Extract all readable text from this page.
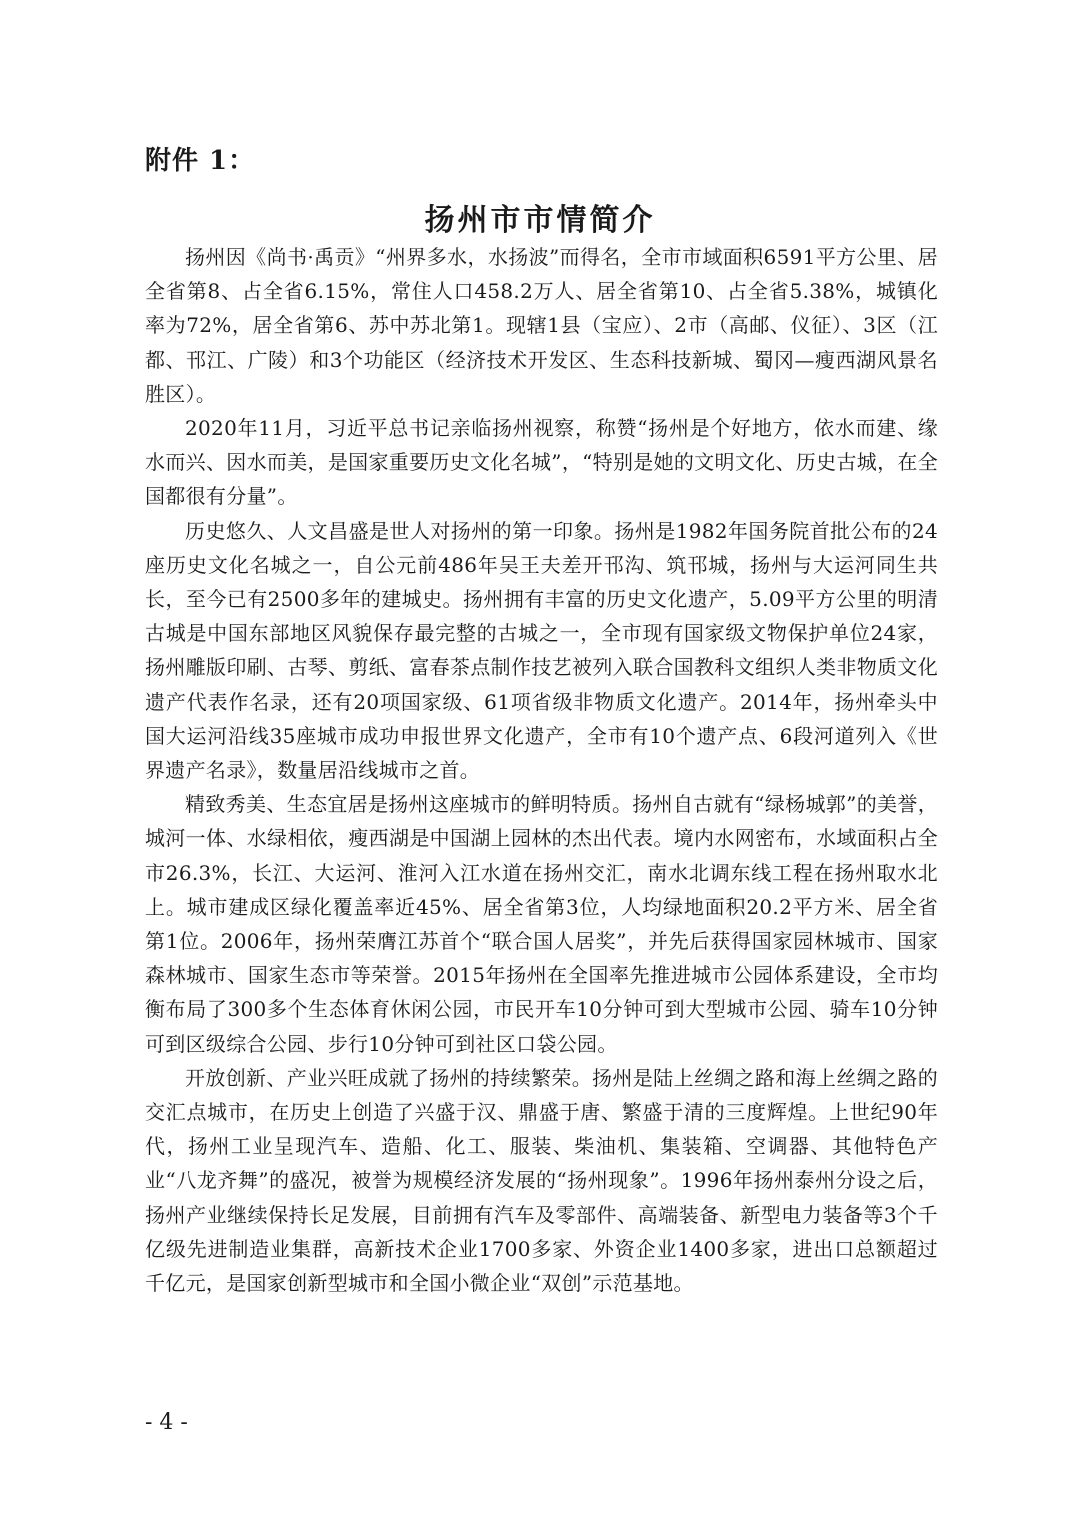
附件 1：

扬州市市情简介

扬州因《尚书·禹贡》“州界多水，水扬波”而得名，全市市域面积6591平方公里、居全省第8、占全省6.15%，常住人口458.2万人、居全省第10、占全省5.38%，城镇化率为72%，居全省第6、苏中苏北第1。现辖1县（宝应）、2市（高邮、仪征）、3区（江都、邗江、广陵）和3个功能区（经济技术开发区、生态科技新城、蜀冈—瘦西湖风景名胜区）。

2020年11月，习近平总书记亲临扬州视察，称赞“扬州是个好地方，依水而建、缘水而兴、因水而美，是国家重要历史文化名城”，“特别是她的文明文化、历史古城，在全国都很有分量”。

历史悠久、人文昌盛是世人对扬州的第一印象。扬州是1982年国务院首批公布的24座历史文化名城之一，自公元前486年吴王夫差开邗沟、筑邗城，扬州与大运河同生共长，至今已有2500多年的建城史。扬州拥有丰富的历史文化遗产，5.09平方公里的明清古城是中国东部地区风貌保存最完整的古城之一，全市现有国家级文物保护单位24家，扬州雕版印刷、古琴、剪纸、富春茶点制作技艺被列入联合国教科文组织人类非物质文化遗产代表作名录，还有20项国家级、61项省级非物质文化遗产。2014年，扬州牵头中国大运河沿线35座城市成功申报世界文化遗产，全市有10个遗产点、6段河道列入《世界遗产名录》，数量居沿线城市之首。

精致秀美、生态宜居是扬州这座城市的鲜明特质。扬州自古就有“绿杨城郭”的美誉，城河一体、水绿相依，瘦西湖是中国湖上园林的杰出代表。境内水网密布，水域面积占全市26.3%，长江、大运河、淮河入江水道在扬州交汇，南水北调东线工程在扬州取水北上。城市建成区绿化覆盖率近45%、居全省第3位，人均绿地面积20.2平方米、居全省第1位。2006年，扬州荣膺江苏首个“联合国人居奖”，并先后获得国家园林城市、国家森林城市、国家生态市等荣誉。2015年扬州在全国率先推进城市公园体系建设，全市均衡布局了300多个生态体育休闲公园，市民开车10分钟可到大型城市公园、骑车10分钟可到区级综合公园、步行10分钟可到社区口袋公园。

开放创新、产业兴旺成就了扬州的持续繁荣。扬州是陆上丝绸之路和海上丝绸之路的交汇点城市，在历史上创造了兴盛于汉、鼎盛于唐、繁盛于清的三度辉煌。上世纪90年代，扬州工业呈现汽车、造船、化工、服装、柴油机、集装箱、空调器、其他特色产业“八龙齐舞”的盛况，被誉为规模经济发展的“扬州现象”。1996年扬州泰州分设之后，扬州产业继续保持长足发展，目前拥有汽车及零部件、高端装备、新型电力装备等3个千亿级先进制造业集群，高新技术企业1700多家、外资企业1400多家，进出口总额超过千亿元，是国家创新型城市和全国小微企业“双创”示范基地。

- 4 -
